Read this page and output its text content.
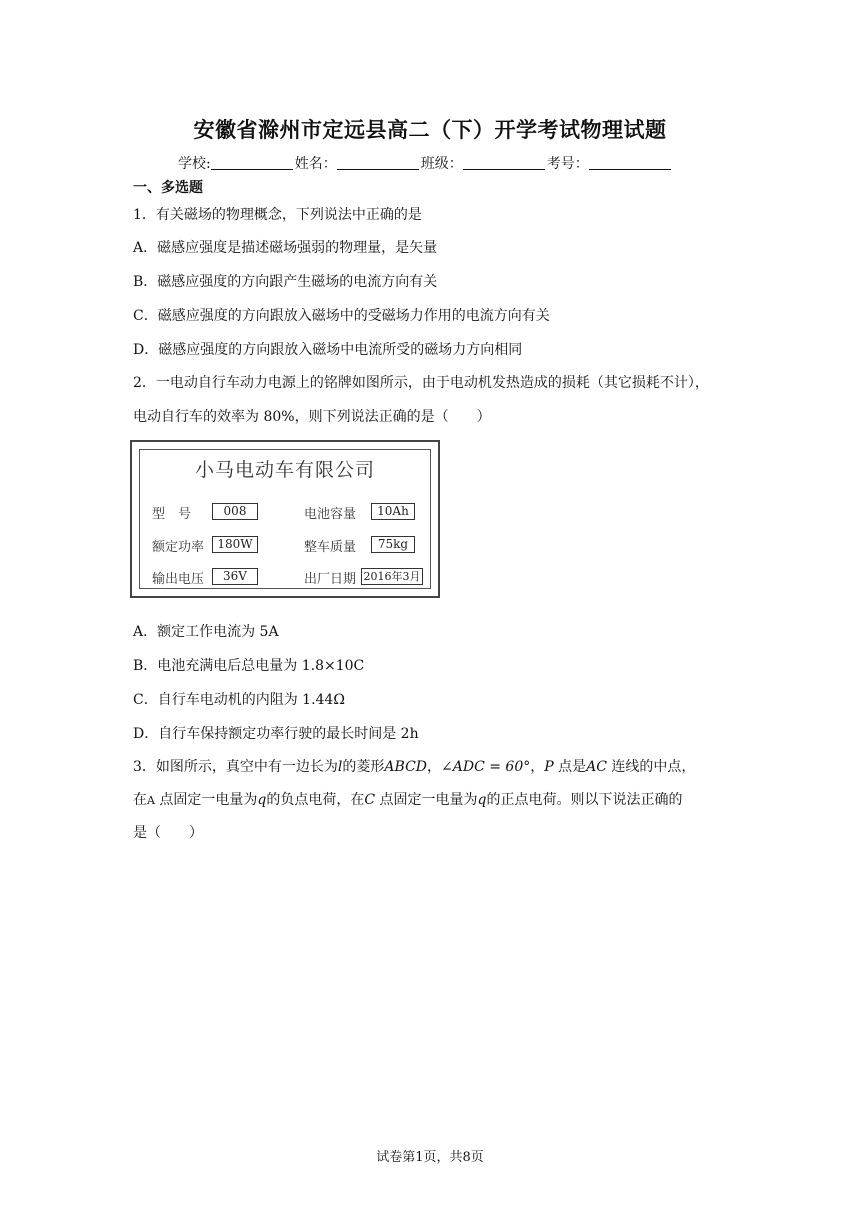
安徽省滁州市定远县高二（下）开学考试物理试题
学校:	姓名：	班级：	考号：
一、多选题
1．有关磁场的物理概念，下列说法中正确的是
A．磁感应强度是描述磁场强弱的物理量，是矢量
B．磁感应强度的方向跟产生磁场的电流方向有关
C．磁感应强度的方向跟放入磁场中的受磁场力作用的电流方向有关
D．磁感应强度的方向跟放入磁场中电流所受的磁场力方向相同
2．一电动自行车动力电源上的铭牌如图所示，由于电动机发热造成的损耗（其它损耗不计），
电动自行车的效率为 80%，则下列说法正确的是（　　）
小马电动车有限公司
型　号	008	电池容量	10Ah
额定功率	180W	整车质量	75kg
输出电压	36V	出厂日期 2016年3月
A．额定工作电流为 5A
B．电池充满电后总电量为 1.8×10C
C．自行车电动机的内阻为 1.44Ω
D．自行车保持额定功率行驶的最长时间是 2h
3．如图所示，真空中有一边长为l的菱形ABCD，∠ADC = 60°，P 点是AC 连线的中点，
在A 点固定一电量为q的负点电荷，在C 点固定一电量为q的正点电荷。则以下说法正确的
是（　　）
试卷第1页，共8页
